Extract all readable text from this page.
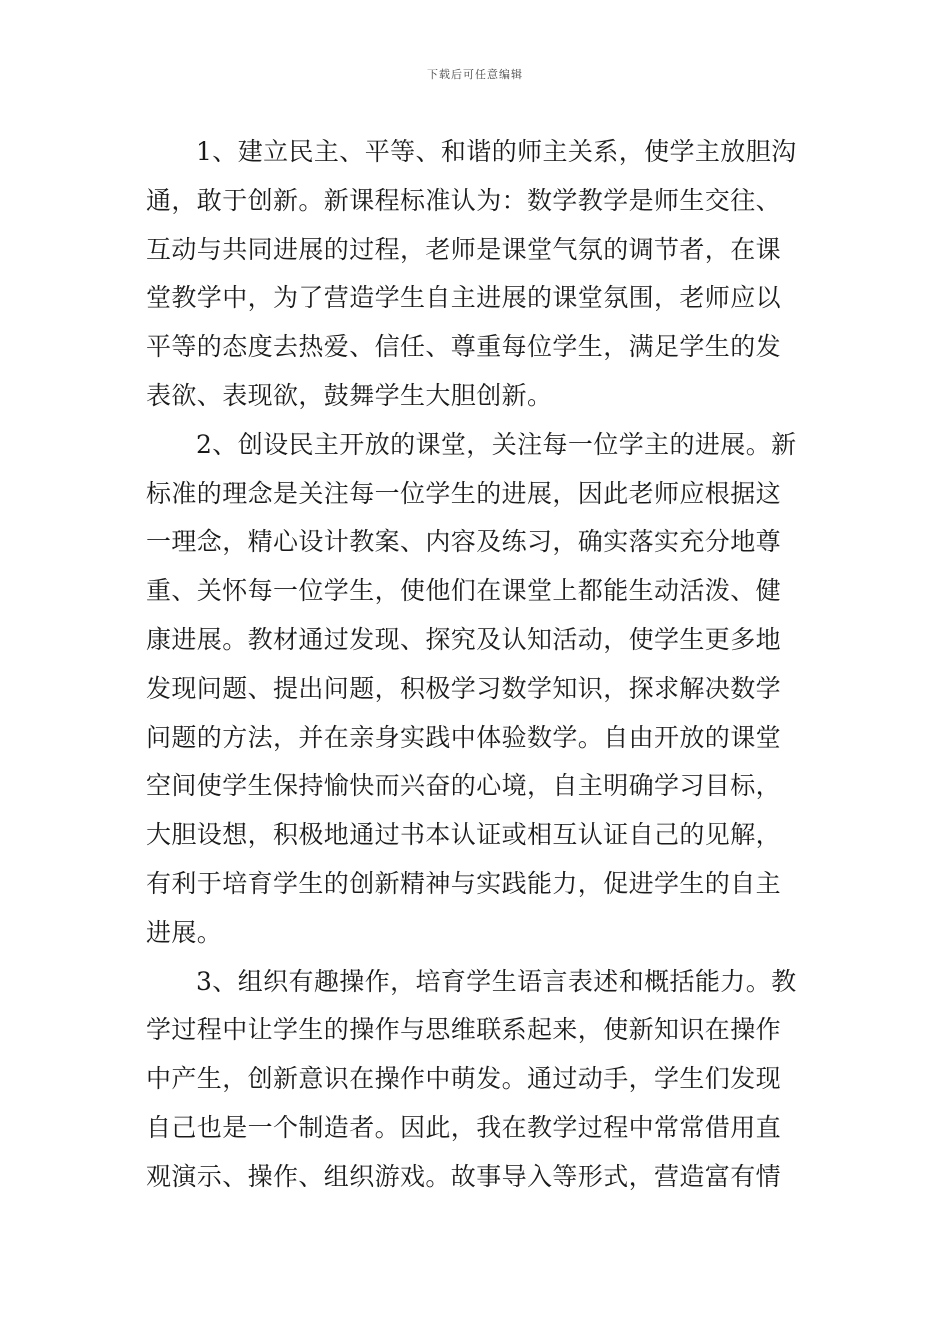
下载后可任意编辑
1、建立民主、平等、和谐的师主关系，使学主放胆沟
通，敢于创新。新课程标准认为：数学教学是师生交往、
互动与共同进展的过程，老师是课堂气氛的调节者，在课
堂教学中，为了营造学生自主进展的课堂氛围，老师应以
平等的态度去热爱、信任、尊重每位学生，满足学生的发
表欲、表现欲，鼓舞学生大胆创新。
2、创设民主开放的课堂，关注每一位学主的进展。新
标准的理念是关注每一位学生的进展，因此老师应根据这
一理念，精心设计教案、内容及练习，确实落实充分地尊
重、关怀每一位学生，使他们在课堂上都能生动活泼、健
康进展。教材通过发现、探究及认知活动，使学生更多地
发现问题、提出问题，积极学习数学知识，探求解决数学
问题的方法，并在亲身实践中体验数学。自由开放的课堂
空间使学生保持愉快而兴奋的心境，自主明确学习目标，
大胆设想，积极地通过书本认证或相互认证自己的见解，
有利于培育学生的创新精神与实践能力，促进学生的自主
进展。
3、组织有趣操作，培育学生语言表述和概括能力。教
学过程中让学生的操作与思维联系起来，使新知识在操作
中产生，创新意识在操作中萌发。通过动手，学生们发现
自己也是一个制造者。因此，我在教学过程中常常借用直
观演示、操作、组织游戏。故事导入等形式，营造富有情
